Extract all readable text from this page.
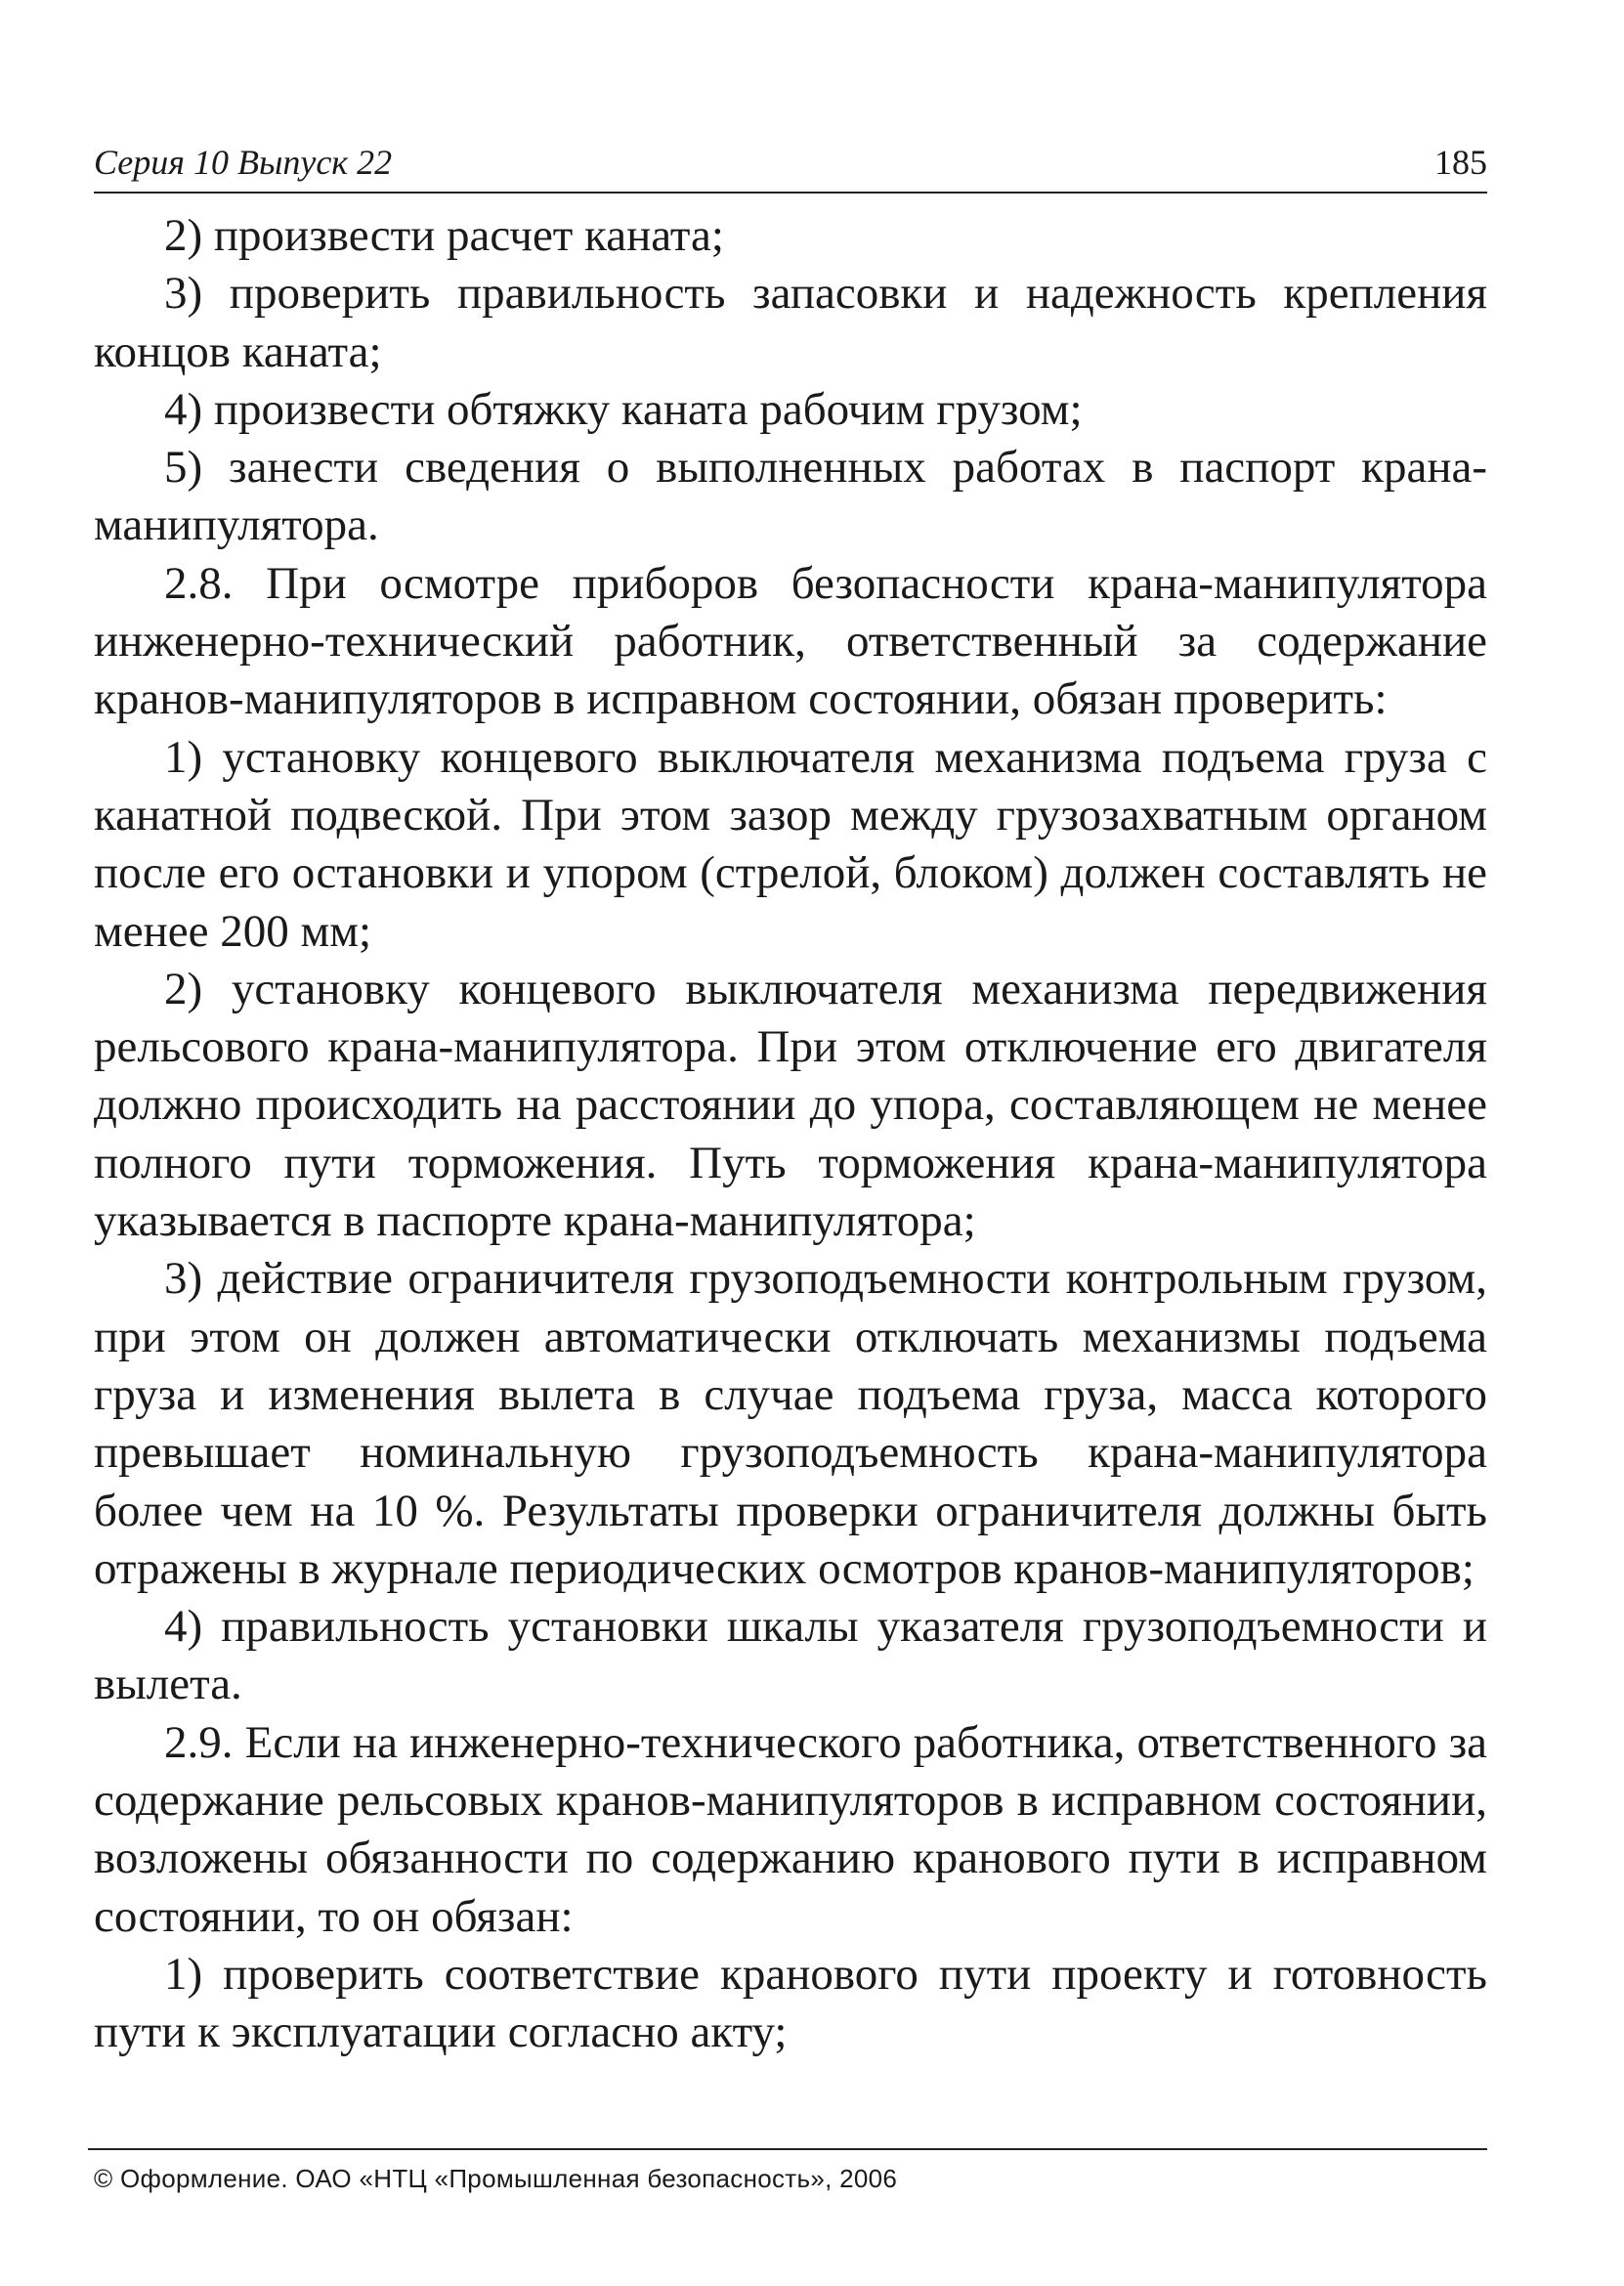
Серия 10 Выпуск 22	185

2) произвести расчет каната;

3) проверить правильность запасовки и надежность крепления концов каната;

4) произвести обтяжку каната рабочим грузом;

5) занести сведения о выполненных работах в паспорт крана-манипулятора.

2.8. При осмотре приборов безопасности крана-манипулятора инженерно-технический работник, ответственный за содержание кранов-манипуляторов в исправном состоянии, обязан проверить:

1) установку концевого выключателя механизма подъема груза с канатной подвеской. При этом зазор между грузозахватным органом после его остановки и упором (стрелой, блоком) должен составлять не менее 200 мм;

2) установку концевого выключателя механизма передвижения рельсового крана-манипулятора. При этом отключение его двигателя должно происходить на расстоянии до упора, составляющем не менее полного пути торможения. Путь торможения крана-манипулятора указывается в паспорте крана-манипулятора;

3) действие ограничителя грузоподъемности контрольным грузом, при этом он должен автоматически отключать механизмы подъема груза и изменения вылета в случае подъема груза, масса которого превышает номинальную грузоподъемность крана-манипулятора более чем на 10 %. Результаты проверки ограничителя должны быть отражены в журнале периодических осмотров кранов-манипуляторов;

4) правильность установки шкалы указателя грузоподъемности и вылета.

2.9. Если на инженерно-технического работника, ответственного за содержание рельсовых кранов-манипуляторов в исправном состоянии, возложены обязанности по содержанию кранового пути в исправном состоянии, то он обязан:

1) проверить соответствие кранового пути проекту и готовность пути к эксплуатации согласно акту;

© Оформление. ОАО «НТЦ «Промышленная безопасность», 2006
